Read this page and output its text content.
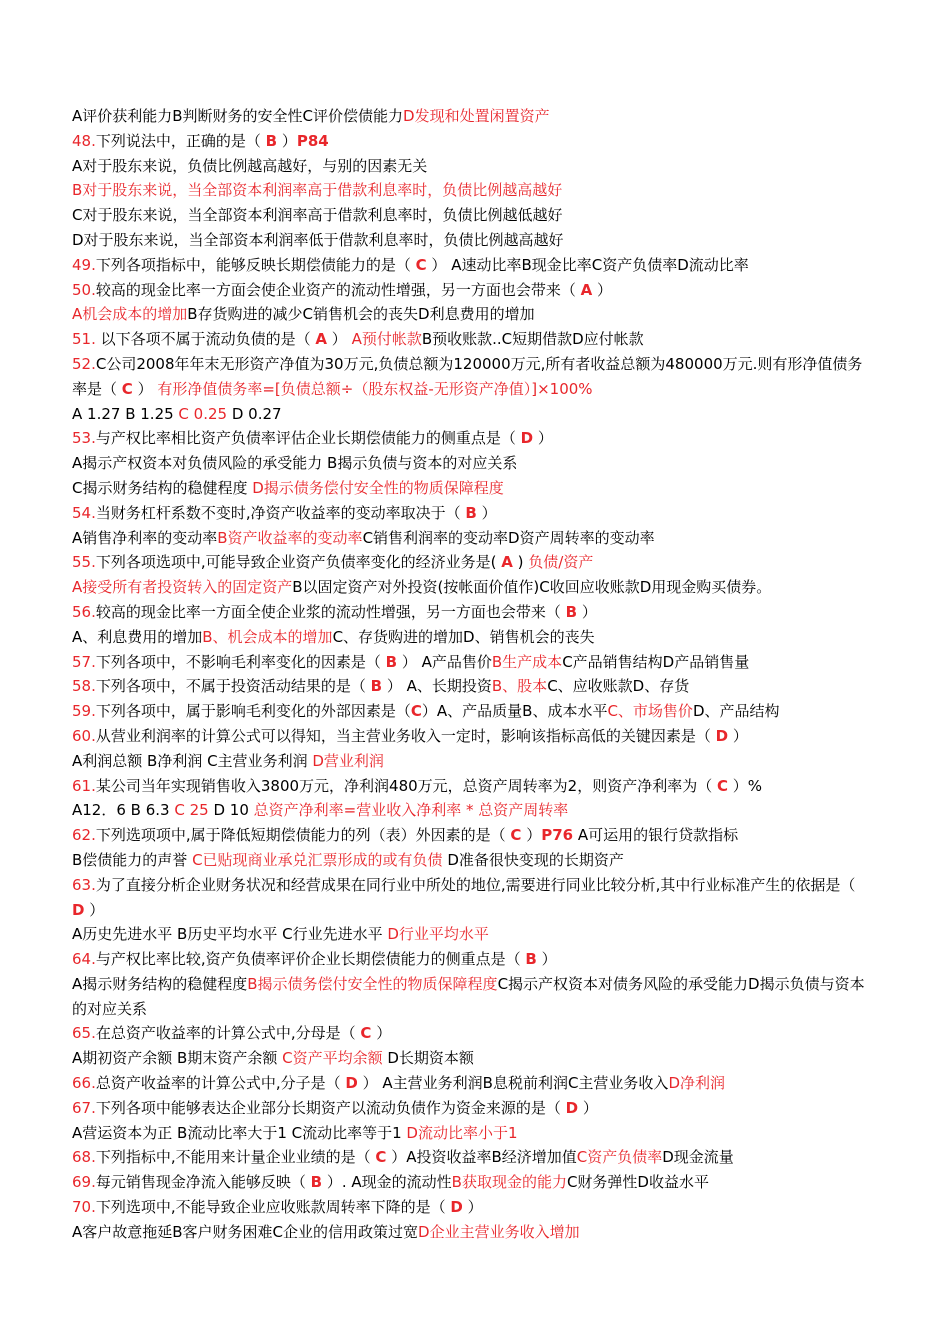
A评价获利能力B判断财务的安全性C评价偿债能力D发现和处置闲置资产
48.下列说法中，正确的是（ B ）P84
A对于股东来说，负债比例越高越好，与别的因素无关
B对于股东来说，当全部资本利润率高于借款利息率时，负债比例越高越好
C对于股东来说，当全部资本利润率高于借款利息率时，负债比例越低越好
D对于股东来说，当全部资本利润率低于借款利息率时，负债比例越高越好
49.下列各项指标中，能够反映长期偿债能力的是（ C ） A速动比率B现金比率C资产负债率D流动比率
50.较高的现金比率一方面会使企业资产的流动性增强，另一方面也会带来（ A ）
A机会成本的增加B存货购进的减少C销售机会的丧失D利息费用的增加
51. 以下各项不属于流动负债的是（ A ） A预付帐款B预收账款..C短期借款D应付帐款
52.C公司2008年年末无形资产净值为30万元,负债总额为120000万元,所有者收益总额为480000万元.则有形净值债务率是（ C ） 有形净值债务率=[负债总额÷（股东权益-无形资产净值）]×100%
A 1.27 B 1.25 C 0.25 D 0.27
53.与产权比率相比资产负债率评估企业长期偿债能力的侧重点是（ D ）
A揭示产权资本对负债风险的承受能力 B揭示负债与资本的对应关系
C揭示财务结构的稳健程度 D揭示债务偿付安全性的物质保障程度
54.当财务杠杆系数不变时,净资产收益率的变动率取决于（ B ）
A销售净利率的变动率B资产收益率的变动率C销售利润率的变动率D资产周转率的变动率
55.下列各项选项中,可能导致企业资产负债率变化的经济业务是( A ) 负债/资产
A接受所有者投资转入的固定资产B以固定资产对外投资(按帐面价值作)C收回应收账款D用现金购买债券。
56.较高的现金比率一方面全使企业浆的流动性增强，另一方面也会带来（ B ）
A、利息费用的增加B、机会成本的增加C、存货购进的增加D、销售机会的丧失
57.下列各项中，不影响毛利率变化的因素是（ B ） A产品售价B生产成本C产品销售结构D产品销售量
58.下列各项中，不属于投资活动结果的是（ B ） A、长期投资B、股本C、应收账款D、存货
59.下列各项中，属于影响毛利变化的外部因素是（C）A、产品质量B、成本水平C、市场售价D、产品结构
60.从营业利润率的计算公式可以得知，当主营业务收入一定时，影响该指标高低的关键因素是（ D ）
A利润总额 B净利润 C主营业务利润 D营业利润
61.某公司当年实现销售收入3800万元，净利润480万元，总资产周转率为2，则资产净利率为（ C ）%
A12．6 B 6.3 C 25 D 10 总资产净利率=营业收入净利率 * 总资产周转率
62.下列选项项中,属于降低短期偿债能力的列（表）外因素的是（ C ）P76 A可运用的银行贷款指标
B偿债能力的声誉 C已贴现商业承兑汇票形成的或有负债 D准备很快变现的长期资产
63.为了直接分析企业财务状况和经营成果在同行业中所处的地位,需要进行同业比较分析,其中行业标准产生的依据是（ D ）
A历史先进水平 B历史平均水平 C行业先进水平 D行业平均水平
64.与产权比率比较,资产负债率评价企业长期偿债能力的侧重点是（ B ）
A揭示财务结构的稳健程度B揭示债务偿付安全性的物质保障程度C揭示产权资本对债务风险的承受能力D揭示负债与资本的对应关系
65.在总资产收益率的计算公式中,分母是（ C ）
A期初资产余额 B期末资产余额 C资产平均余额 D长期资本额
66.总资产收益率的计算公式中,分子是（ D ） A主营业务利润B息税前利润C主营业务收入D净利润
67.下列各项中能够表达企业部分长期资产以流动负债作为资金来源的是（ D ）
A营运资本为正 B流动比率大于1 C流动比率等于1 D流动比率小于1
68.下列指标中,不能用来计量企业业绩的是（ C ）A投资收益率B经济增加值C资产负债率D现金流量
69.每元销售现金净流入能够反映（ B ）. A现金的流动性B获取现金的能力C财务弹性D收益水平
70.下列选项中,不能导致企业应收账款周转率下降的是（ D ）
A客户故意拖延B客户财务困难C企业的信用政策过宽D企业主营业务收入增加
